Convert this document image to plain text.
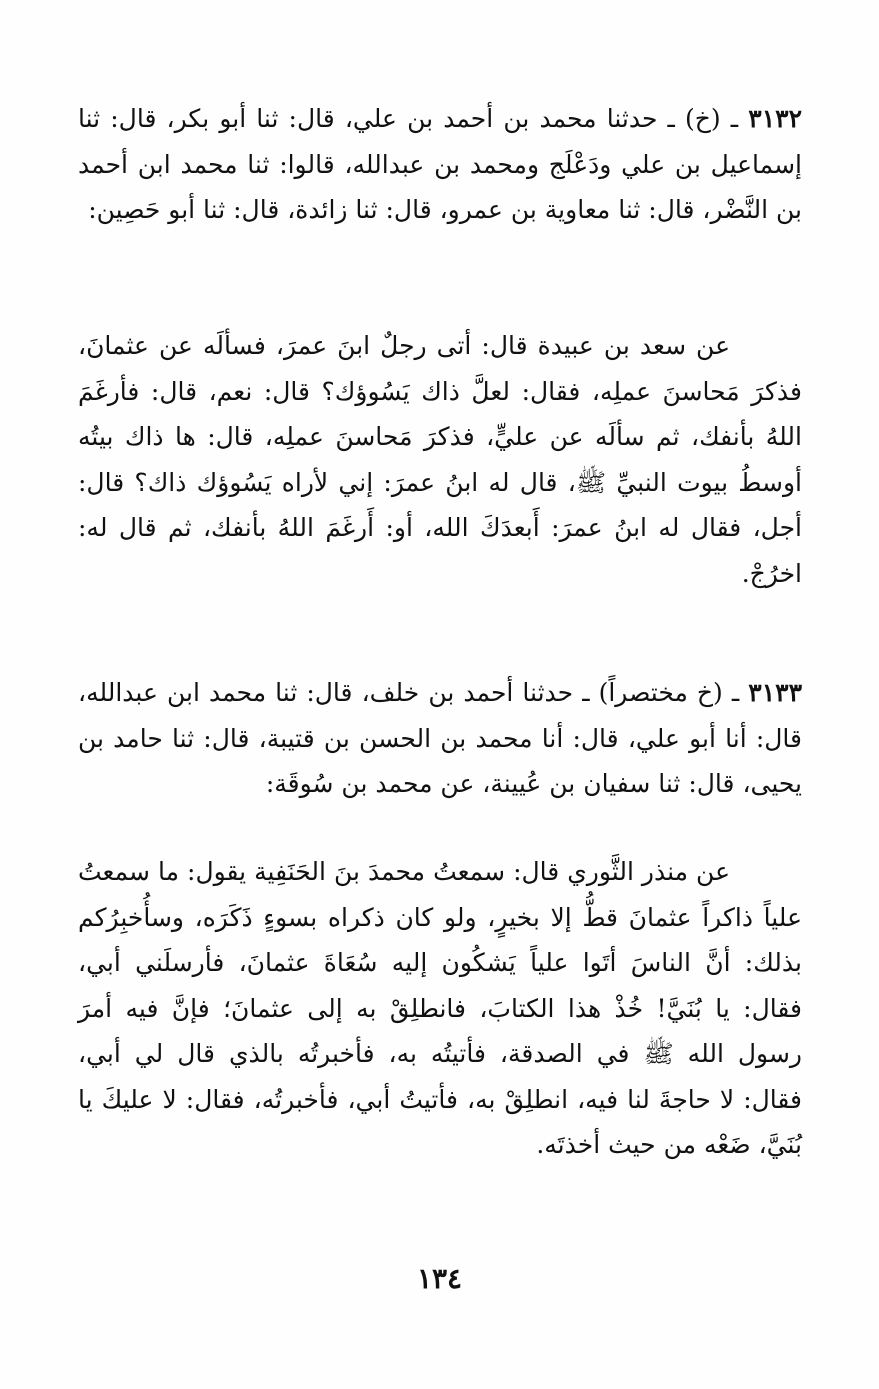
٣١٣٢ ـ (خ) ـ حدثنا محمد بن أحمد بن علي، قال: ثنا أبو بكر، قال: ثنا إسماعيل بن علي ودَعْلَج ومحمد بن عبدالله، قالوا: ثنا محمد ابن أحمد بن النَّضْر، قال: ثنا معاوية بن عمرو، قال: ثنا زائدة، قال: ثنا أبو حَصِين:
عن سعد بن عبيدة قال: أتى رجلٌ ابنَ عمرَ، فسألَه عن عثمانَ، فذكرَ مَحاسنَ عملِه، فقال: لعلَّ ذاك يَسُوؤك؟ قال: نعم، قال: فأرغَمَ اللهُ بأنفك، ثم سألَه عن عليٍّ، فذكرَ مَحاسنَ عملِه، قال: ها ذاك بيتُه أوسطُ بيوت النبيِّ ﷺ، قال له ابنُ عمرَ: إني لأراه يَسُوؤك ذاك؟ قال: أجل، فقال له ابنُ عمرَ: أَبعدَكَ الله، أو: أَرغَمَ اللهُ بأنفك، ثم قال له: اخرُجْ.
٣١٣٣ ـ (خ مختصراً) ـ حدثنا أحمد بن خلف، قال: ثنا محمد ابن عبدالله، قال: أنا أبو علي، قال: أنا محمد بن الحسن بن قتيبة، قال: ثنا حامد بن يحيى، قال: ثنا سفيان بن عُيينة، عن محمد بن سُوقَة:
عن منذر الثَّوري قال: سمعتُ محمدَ بنَ الحَنَفِية يقول: ما سمعتُ علياً ذاكراً عثمانَ قطُّ إلا بخيرٍ، ولو كان ذكراه بسوءٍ ذَكَرَه، وسأُخبِرُكم بذلك: أنَّ الناسَ أتَوا علياً يَشكُون إليه سُعَاةَ عثمانَ، فأرسلَني أبي، فقال: يا بُنَيَّ! خُذْ هذا الكتابَ، فانطلِقْ به إلى عثمانَ؛ فإنَّ فيه أمرَ رسول الله ﷺ في الصدقة، فأتيتُه به، فأخبرتُه بالذي قال لي أبي، فقال: لا حاجةَ لنا فيه، انطلِقْ به، فأتيتُ أبي، فأخبرتُه، فقال: لا عليكَ يا بُنَيَّ، ضَعْه من حيث أخذتَه.
١٣٤
